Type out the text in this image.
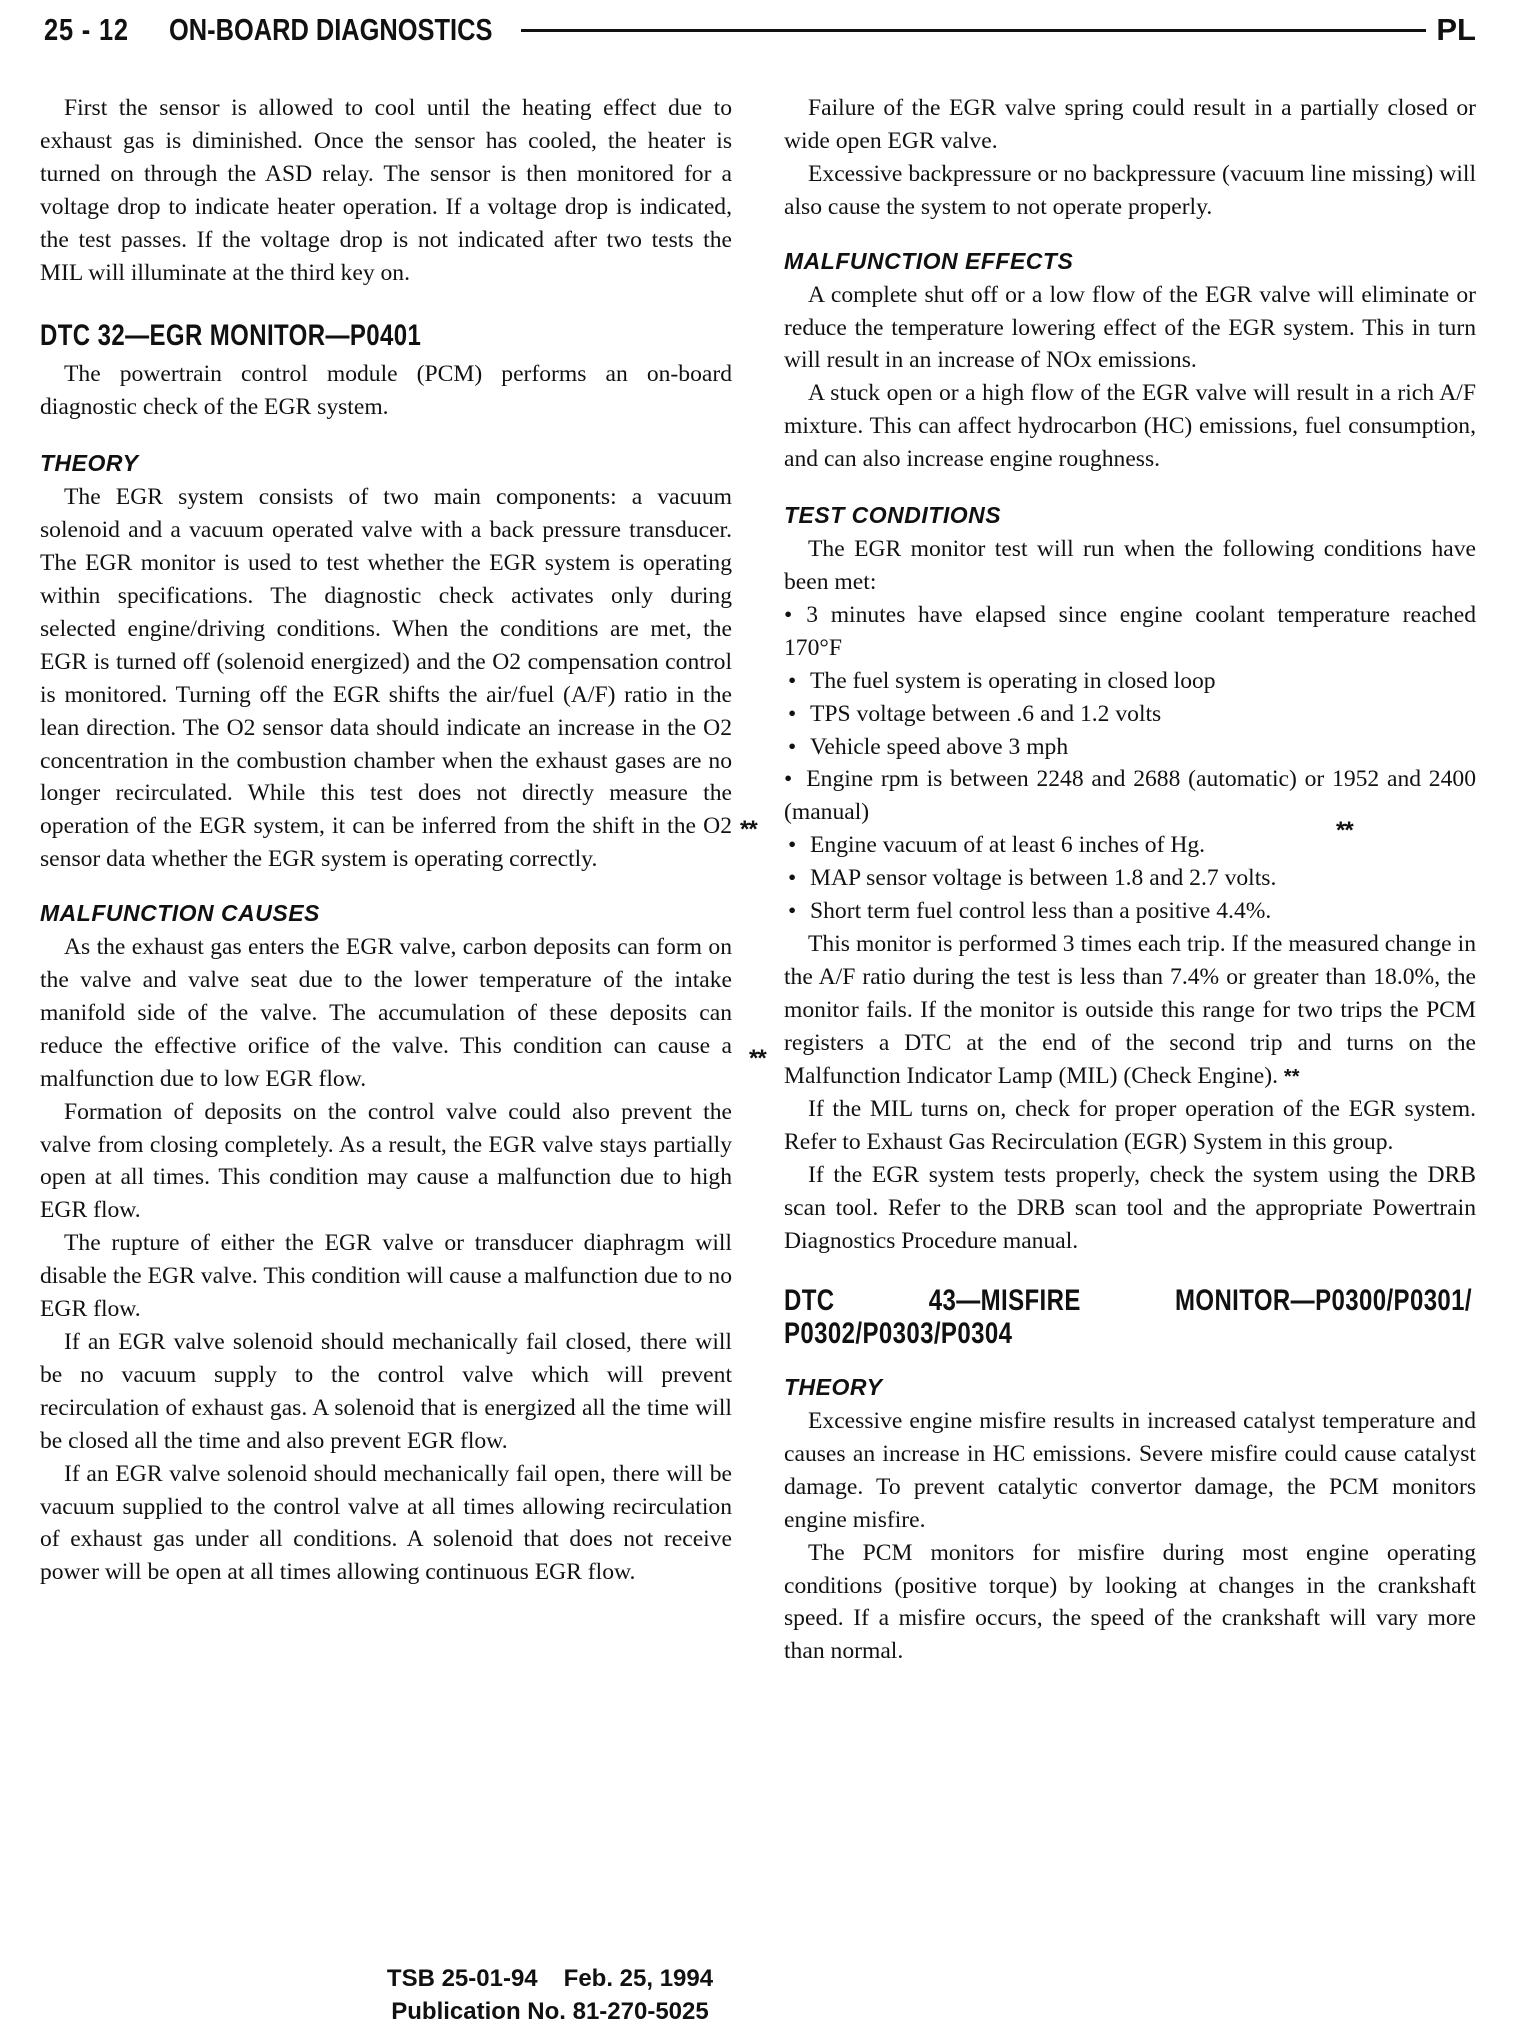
25 - 12	ON-BOARD DIAGNOSTICS	PL

First the sensor is allowed to cool until the heating effect due to exhaust gas is diminished. Once the sensor has cooled, the heater is turned on through the ASD relay. The sensor is then monitored for a voltage drop to indicate heater operation. If a voltage drop is indicated, the test passes. If the voltage drop is not indicated after two tests the MIL will illuminate at the third key on.

DTC 32—EGR MONITOR—P0401

The powertrain control module (PCM) performs an on-board diagnostic check of the EGR system.

THEORY

The EGR system consists of two main components: a vacuum solenoid and a vacuum operated valve with a back pressure transducer. The EGR monitor is used to test whether the EGR system is operating within specifications. The diagnostic check activates only during selected engine/driving conditions. When the conditions are met, the EGR is turned off (solenoid energized) and the O2 compensation control is monitored. Turning off the EGR shifts the air/fuel (A/F) ratio in the lean direction. The O2 sensor data should indicate an increase in the O2 concentration in the combustion chamber when the exhaust gases are no longer recirculated. While this test does not directly measure the operation of the EGR system, it can be inferred from the shift in the O2 sensor data whether the EGR system is operating correctly.

MALFUNCTION CAUSES

As the exhaust gas enters the EGR valve, carbon deposits can form on the valve and valve seat due to the lower temperature of the intake manifold side of the valve. The accumulation of these deposits can reduce the effective orifice of the valve. This condition can cause a malfunction due to low EGR flow.

Formation of deposits on the control valve could also prevent the valve from closing completely. As a result, the EGR valve stays partially open at all times. This condition may cause a malfunction due to high EGR flow.

The rupture of either the EGR valve or transducer diaphragm will disable the EGR valve. This condition will cause a malfunction due to no EGR flow.

If an EGR valve solenoid should mechanically fail closed, there will be no vacuum supply to the control valve which will prevent recirculation of exhaust gas. A solenoid that is energized all the time will be closed all the time and also prevent EGR flow.

If an EGR valve solenoid should mechanically fail open, there will be vacuum supplied to the control valve at all times allowing recirculation of exhaust gas under all conditions. A solenoid that does not receive power will be open at all times allowing continuous EGR flow.

**
**

Failure of the EGR valve spring could result in a partially closed or wide open EGR valve.

Excessive backpressure or no backpressure (vacuum line missing) will also cause the system to not operate properly.

MALFUNCTION EFFECTS

A complete shut off or a low flow of the EGR valve will eliminate or reduce the temperature lowering effect of the EGR system. This in turn will result in an increase of NOx emissions.

A stuck open or a high flow of the EGR valve will result in a rich A/F mixture. This can affect hydrocarbon (HC) emissions, fuel consumption, and can also increase engine roughness.

TEST CONDITIONS

The EGR monitor test will run when the following conditions have been met:

• 3 minutes have elapsed since engine coolant temperature reached 170°F
• The fuel system is operating in closed loop
• TPS voltage between .6 and 1.2 volts
• Vehicle speed above 3 mph
• Engine rpm is between 2248 and 2688 (automatic) or 1952 and 2400 (manual)
• Engine vacuum of at least 6 inches of Hg.
• MAP sensor voltage is between 1.8 and 2.7 volts.
• Short term fuel control less than a positive 4.4%.

This monitor is performed 3 times each trip. If the measured change in the A/F ratio during the test is less than 7.4% or greater than 18.0%, the monitor fails. If the monitor is outside this range for two trips the PCM registers a DTC at the end of the second trip and turns on the Malfunction Indicator Lamp (MIL) (Check Engine). **

If the MIL turns on, check for proper operation of the EGR system. Refer to Exhaust Gas Recirculation (EGR) System in this group.

If the EGR system tests properly, check the system using the DRB scan tool. Refer to the DRB scan tool and the appropriate Powertrain Diagnostics Procedure manual.

DTC 43—MISFIRE MONITOR—P0300/P0301/ P0302/P0303/P0304
THEORY

Excessive engine misfire results in increased catalyst temperature and causes an increase in HC emissions. Severe misfire could cause catalyst damage. To prevent catalytic convertor damage, the PCM monitors engine misfire.

The PCM monitors for misfire during most engine operating conditions (positive torque) by looking at changes in the crankshaft speed. If a misfire occurs, the speed of the crankshaft will vary more than normal.

**
TSB 25-01-94 Feb. 25, 1994
Publication No. 81-270-5025
